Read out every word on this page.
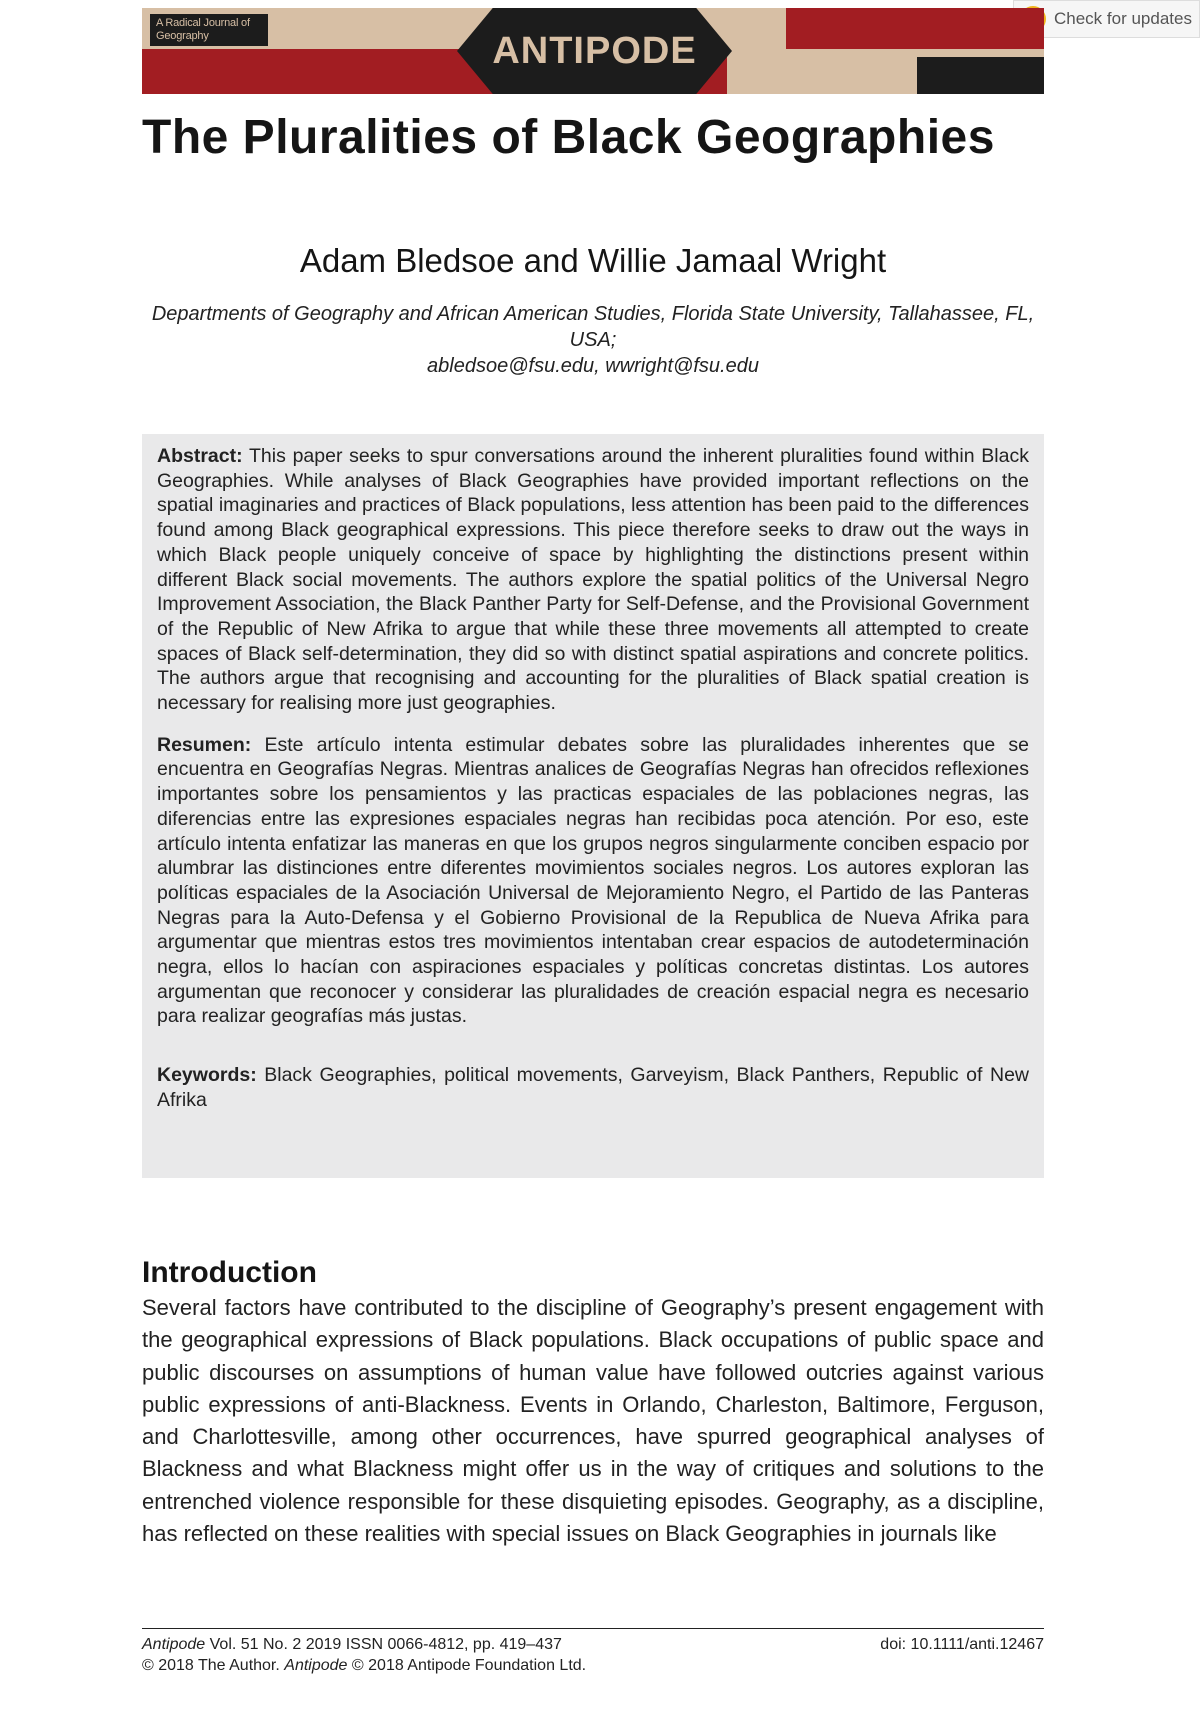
Check for updates
A Radical Journal of Geography	ANTIPODE
The Pluralities of Black Geographies
Adam Bledsoe and Willie Jamaal Wright
Departments of Geography and African American Studies, Florida State University, Tallahassee, FL, USA;
abledsoe@fsu.edu, wwright@fsu.edu

Abstract: This paper seeks to spur conversations around the inherent pluralities found within Black Geographies. While analyses of Black Geographies have provided important reflections on the spatial imaginaries and practices of Black populations, less attention has been paid to the differences found among Black geographical expressions. This piece therefore seeks to draw out the ways in which Black people uniquely conceive of space by highlighting the distinctions present within different Black social movements. The authors explore the spatial politics of the Universal Negro Improvement Association, the Black Panther Party for Self-Defense, and the Provisional Government of the Republic of New Afrika to argue that while these three movements all attempted to create spaces of Black self-determination, they did so with distinct spatial aspirations and concrete politics. The authors argue that recognising and accounting for the pluralities of Black spatial creation is necessary for realising more just geographies.

Resumen: Este artículo intenta estimular debates sobre las pluralidades inherentes que se encuentra en Geografías Negras. Mientras analices de Geografías Negras han ofrecidos reflexiones importantes sobre los pensamientos y las practicas espaciales de las poblaciones negras, las diferencias entre las expresiones espaciales negras han recibidas poca atención. Por eso, este artículo intenta enfatizar las maneras en que los grupos negros singularmente conciben espacio por alumbrar las distinciones entre diferentes movimientos sociales negros. Los autores exploran las políticas espaciales de la Asociación Universal de Mejoramiento Negro, el Partido de las Panteras Negras para la Auto-Defensa y el Gobierno Provisional de la Republica de Nueva Afrika para argumentar que mientras estos tres movimientos intentaban crear espacios de autodeterminación negra, ellos lo hacían con aspiraciones espaciales y políticas concretas distintas. Los autores argumentan que reconocer y considerar las pluralidades de creación espacial negra es necesario para realizar geografías más justas.

Keywords: Black Geographies, political movements, Garveyism, Black Panthers, Republic of New Afrika

Introduction

Several factors have contributed to the discipline of Geography’s present engagement with the geographical expressions of Black populations. Black occupations of public space and public discourses on assumptions of human value have followed outcries against various public expressions of anti-Blackness. Events in Orlando, Charleston, Baltimore, Ferguson, and Charlottesville, among other occurrences, have spurred geographical analyses of Blackness and what Blackness might offer us in the way of critiques and solutions to the entrenched violence responsible for these disquieting episodes. Geography, as a discipline, has reflected on these realities with special issues on Black Geographies in journals like

Antipode Vol. 51 No. 2 2019 ISSN 0066-4812, pp. 419–437
© 2018 The Author. Antipode © 2018 Antipode Foundation Ltd.
doi: 10.1111/anti.12467
